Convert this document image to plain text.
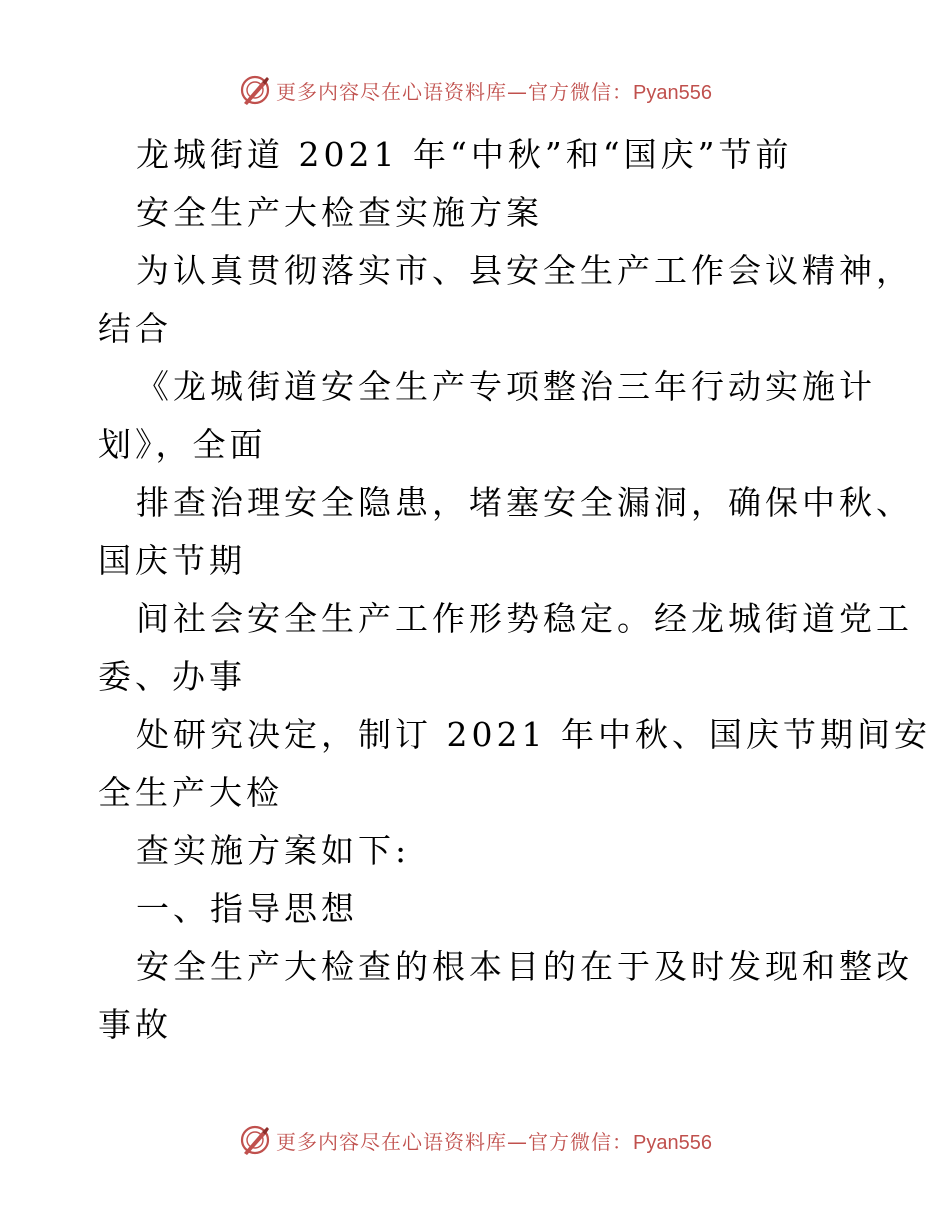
更多内容尽在心语资料库—官方微信：Pyan556
龙城街道 2021 年“中秋”和“国庆”节前
安全生产大检查实施方案
为认真贯彻落实市、县安全生产工作会议精神，
结合
《龙城街道安全生产专项整治三年行动实施计
划》，全面
排查治理安全隐患，堵塞安全漏洞，确保中秋、
国庆节期
间社会安全生产工作形势稳定。经龙城街道党工
委、办事
处研究决定，制订 2021 年中秋、国庆节期间安
全生产大检
查实施方案如下:
一、指导思想
安全生产大检查的根本目的在于及时发现和整改
事故
更多内容尽在心语资料库—官方微信：Pyan556
